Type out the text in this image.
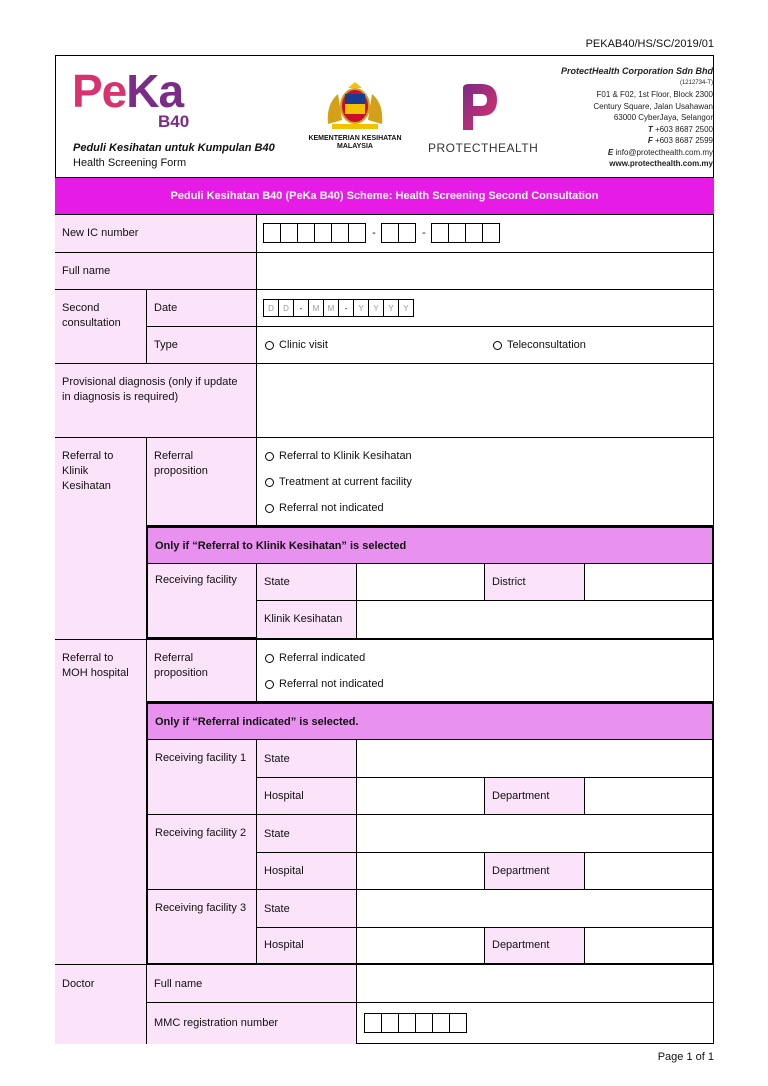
PEKAB40/HS/SC/2019/01
PeKa
B40
Peduli Kesihatan untuk Kumpulan B40
Health Screening Form
KEMENTERIAN KESIHATAN
MALAYSIA	PROTECTHEALTH
ProtectHealth Corporation Sdn Bhd
(1212734-T)
F01 & F02, 1st Floor, Block 2300
Century Square, Jalan Usahawan
63000 CyberJaya, Selangor
T +603 8687 2500
F +603 8687 2599
E info@protecthealth.com.my
www.protecthealth.com.my
Peduli Kesihatan B40 (PeKa B40) Scheme: Health Screening Second Consultation
New IC number	-	-
Full name
Second consultation
Date	D	D	-	M	M	-	Y	Y	Y	Y
Type	Clinic visit	Teleconsultation
Provisional diagnosis (only if update in diagnosis is required)
Referral to Klinik Kesihatan
Referral proposition
Referral to Klinik Kesihatan
Treatment at current facility
Referral not indicated
Only if “Referral to Klinik Kesihatan” is selected
Receiving facility	State	District
Klinik Kesihatan
Referral to MOH hospital
Referral proposition
Referral indicated
Referral not indicated
Only if “Referral indicated” is selected.
Receiving facility 1	State
Hospital	Department
Receiving facility 2	State
Hospital	Department
Receiving facility 3	State
Hospital	Department
Doctor	Full name
MMC registration number
Page 1 of 1
